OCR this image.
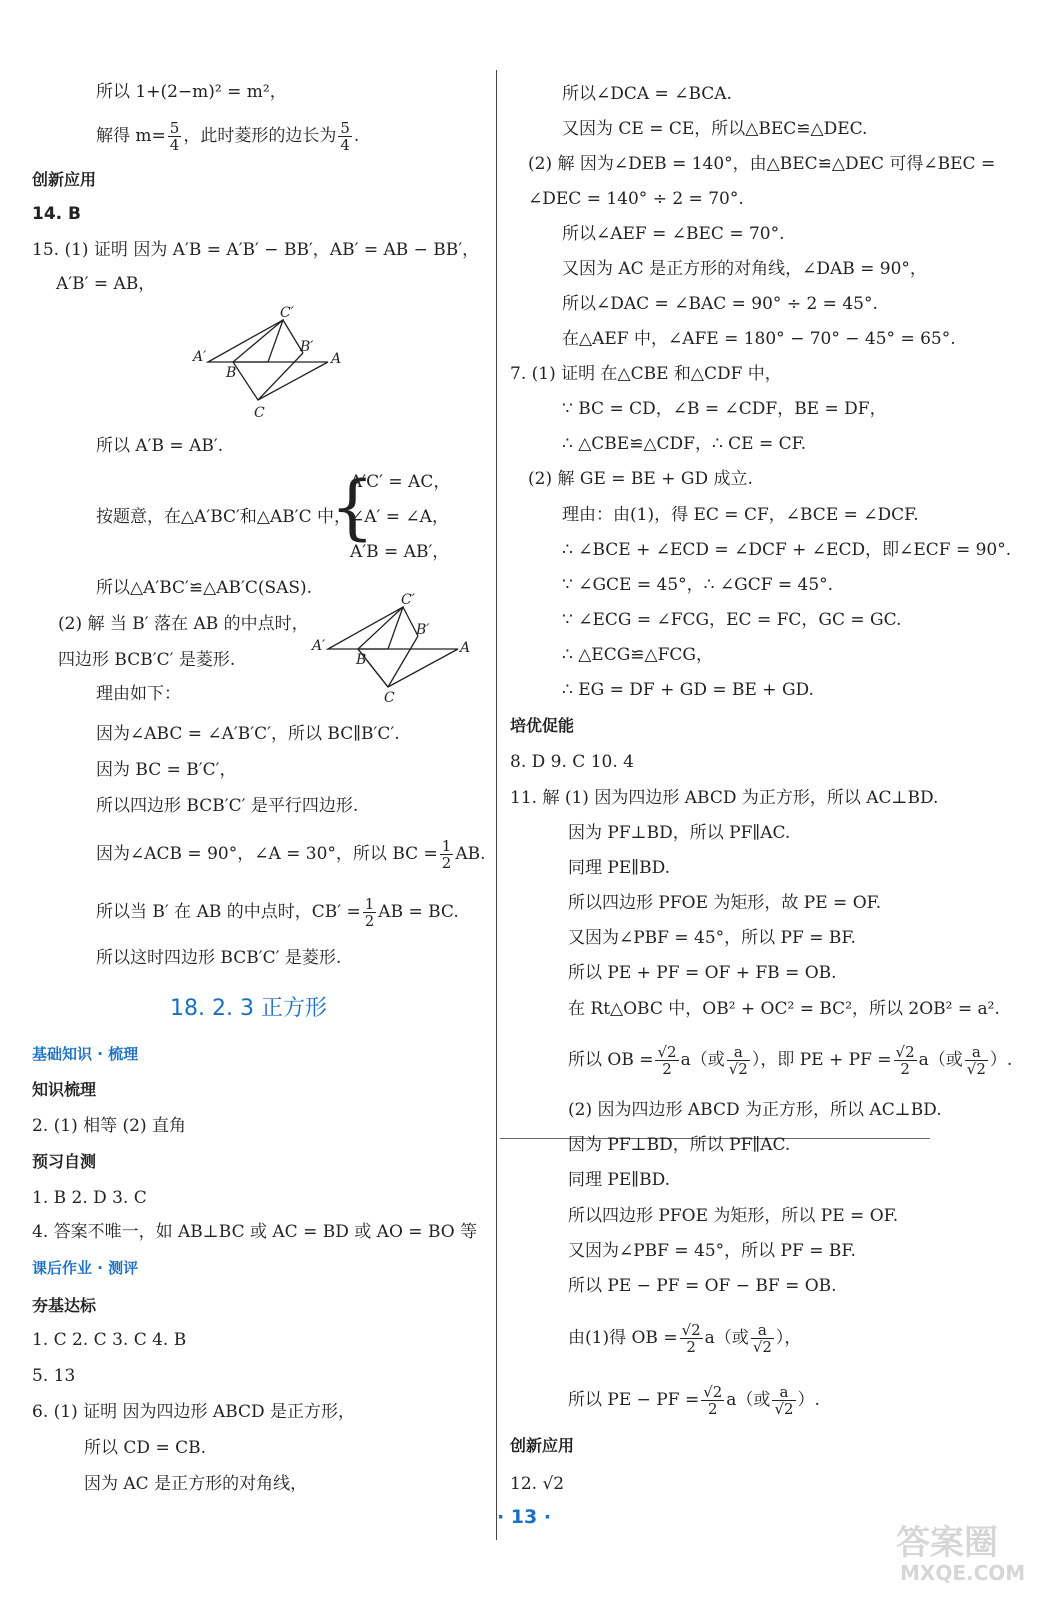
所以 1+(2−m)² = m²，
解得 $m= \frac{5}{4}$ ，此时菱形的边长为 $\frac{5}{4}$ .
创新应用
14. B
15. (1) 证明 因为 A′B = A′B′ − BB′，AB′ = AB − BB′，
A′B′ = AB，
C′
A′
B′
A
B
C
所以 A′B = AB′.
按题意，在△A′BC′和△AB′C 中，
{
A′C′ = AC，
∠A′ = ∠A，
A′B = AB′，
所以△A′BC′≌△AB′C(SAS).
(2) 解 当 B′ 落在 AB 的中点时，
四边形 BCB′C′ 是菱形.
C′
A′
B′
A
B
C
理由如下：
因为∠ABC = ∠A′B′C′，所以 BC∥B′C′.
因为 BC = B′C′，
所以四边形 BCB′C′ 是平行四边形.
因为∠ACB = 90°，∠A = 30°，所以 BC = $\frac{1}{2}$ AB.
所以当 B′ 在 AB 的中点时，$CB' = \frac{1}{2}$ AB = BC.
所以这时四边形 BCB′C′ 是菱形.
18. 2. 3 正方形
基础知识 · 梳理
知识梳理
2. (1) 相等 (2) 直角
预习自测
1. B 2. D 3. C
4. 答案不唯一，如 AB⊥BC 或 AC = BD 或 AO = BO 等
课后作业 · 测评
夯基达标
1. C 2. C 3. C 4. B
5. 13
6. (1) 证明 因为四边形 ABCD 是正方形，
所以 CD = CB.
因为 AC 是正方形的对角线，
所以∠DCA = ∠BCA.
又因为 CE = CE，所以△BEC≌△DEC.
(2) 解 因为∠DEB = 140°，由△BEC≌△DEC 可得∠BEC =
∠DEC = 140° ÷ 2 = 70°.
所以∠AEF = ∠BEC = 70°.
又因为 AC 是正方形的对角线，∠DAB = 90°，
所以∠DAC = ∠BAC = 90° ÷ 2 = 45°.
在△AEF 中，∠AFE = 180° − 70° − 45° = 65°.
7. (1) 证明 在△CBE 和△CDF 中，
∵ BC = CD，∠B = ∠CDF，BE = DF，
∴ △CBE≌△CDF，∴ CE = CF.
(2) 解 GE = BE + GD 成立.
理由：由(1)，得 EC = CF，∠BCE = ∠DCF.
∴ ∠BCE + ∠ECD = ∠DCF + ∠ECD，即∠ECF = 90°.
∵ ∠GCE = 45°，∴ ∠GCF = 45°.
∵ ∠ECG = ∠FCG，EC = FC，GC = GC.
∴ △ECG≌△FCG，
∴ EG = DF + GD = BE + GD.
培优促能
8. D 9. C 10. 4
11. 解 (1) 因为四边形 ABCD 为正方形，所以 AC⊥BD.
因为 PF⊥BD，所以 PF∥AC.
同理 PE∥BD.
所以四边形 PFOE 为矩形，故 PE = OF.
又因为∠PBF = 45°，所以 PF = BF.
所以 PE + PF = OF + FB = OB.
在 Rt△OBC 中，OB² + OC² = BC²，所以 2OB² = a².
所以 OB = $\frac{√2}{2} a$（或 $\frac{a}{√2}$ ），即 PE + PF = $\frac{√2}{2} a$（或 $\frac{a}{√2}$ ）.
(2) 因为四边形 ABCD 为正方形，所以 AC⊥BD.
因为 PF⊥BD，所以 PF∥AC.
同理 PE∥BD.
所以四边形 PFOE 为矩形，所以 PE = OF.
又因为∠PBF = 45°，所以 PF = BF.
所以 PE − PF = OF − BF = OB.
由(1)得 OB = $\frac{√2}{2} a$（或 $\frac{a}{√2}$ ），
所以 PE − PF = $\frac{√2}{2} a$（或 $\frac{a}{√2}$ ）.
创新应用
12. √2
· 13 ·
答案圈
MXQE.COM
